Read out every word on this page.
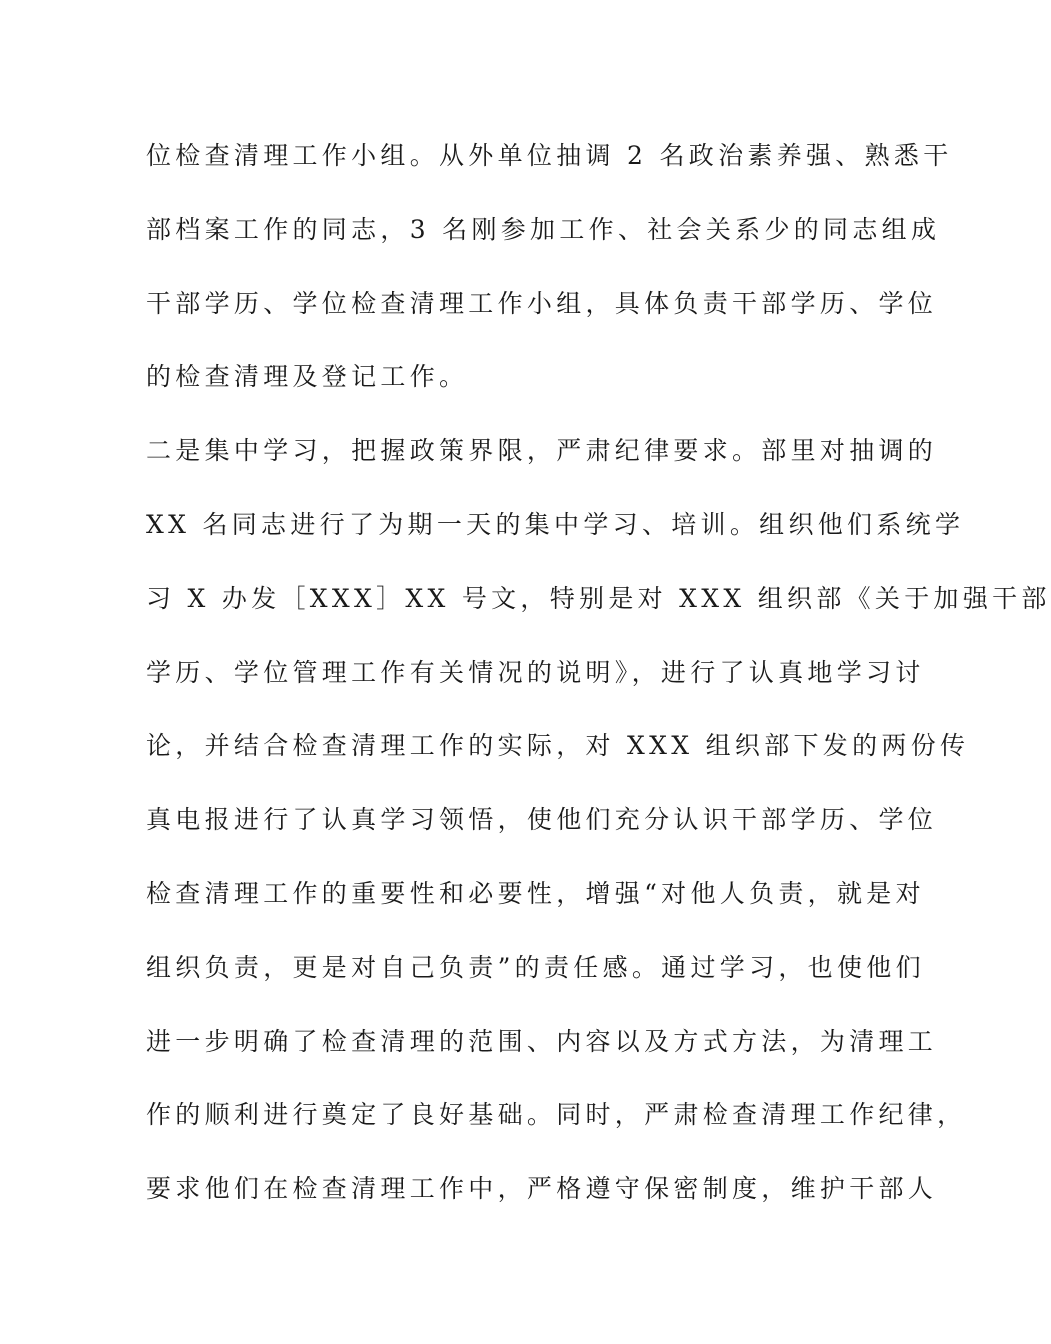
位检查清理工作小组。从外单位抽调 2 名政治素养强、熟悉干
部档案工作的同志，3 名刚参加工作、社会关系少的同志组成
干部学历、学位检查清理工作小组，具体负责干部学历、学位
的检查清理及登记工作。
二是集中学习，把握政策界限，严肃纪律要求。部里对抽调的
XX 名同志进行了为期一天的集中学习、培训。组织他们系统学
习 X 办发［XXX］XX 号文，特别是对 XXX 组织部《关于加强干部
学历、学位管理工作有关情况的说明》，进行了认真地学习讨
论，并结合检查清理工作的实际，对 XXX 组织部下发的两份传
真电报进行了认真学习领悟，使他们充分认识干部学历、学位
检查清理工作的重要性和必要性，增强“对他人负责，就是对
组织负责，更是对自己负责”的责任感。通过学习，也使他们
进一步明确了检查清理的范围、内容以及方式方法，为清理工
作的顺利进行奠定了良好基础。同时，严肃检查清理工作纪律，
要求他们在检查清理工作中，严格遵守保密制度，维护干部人
